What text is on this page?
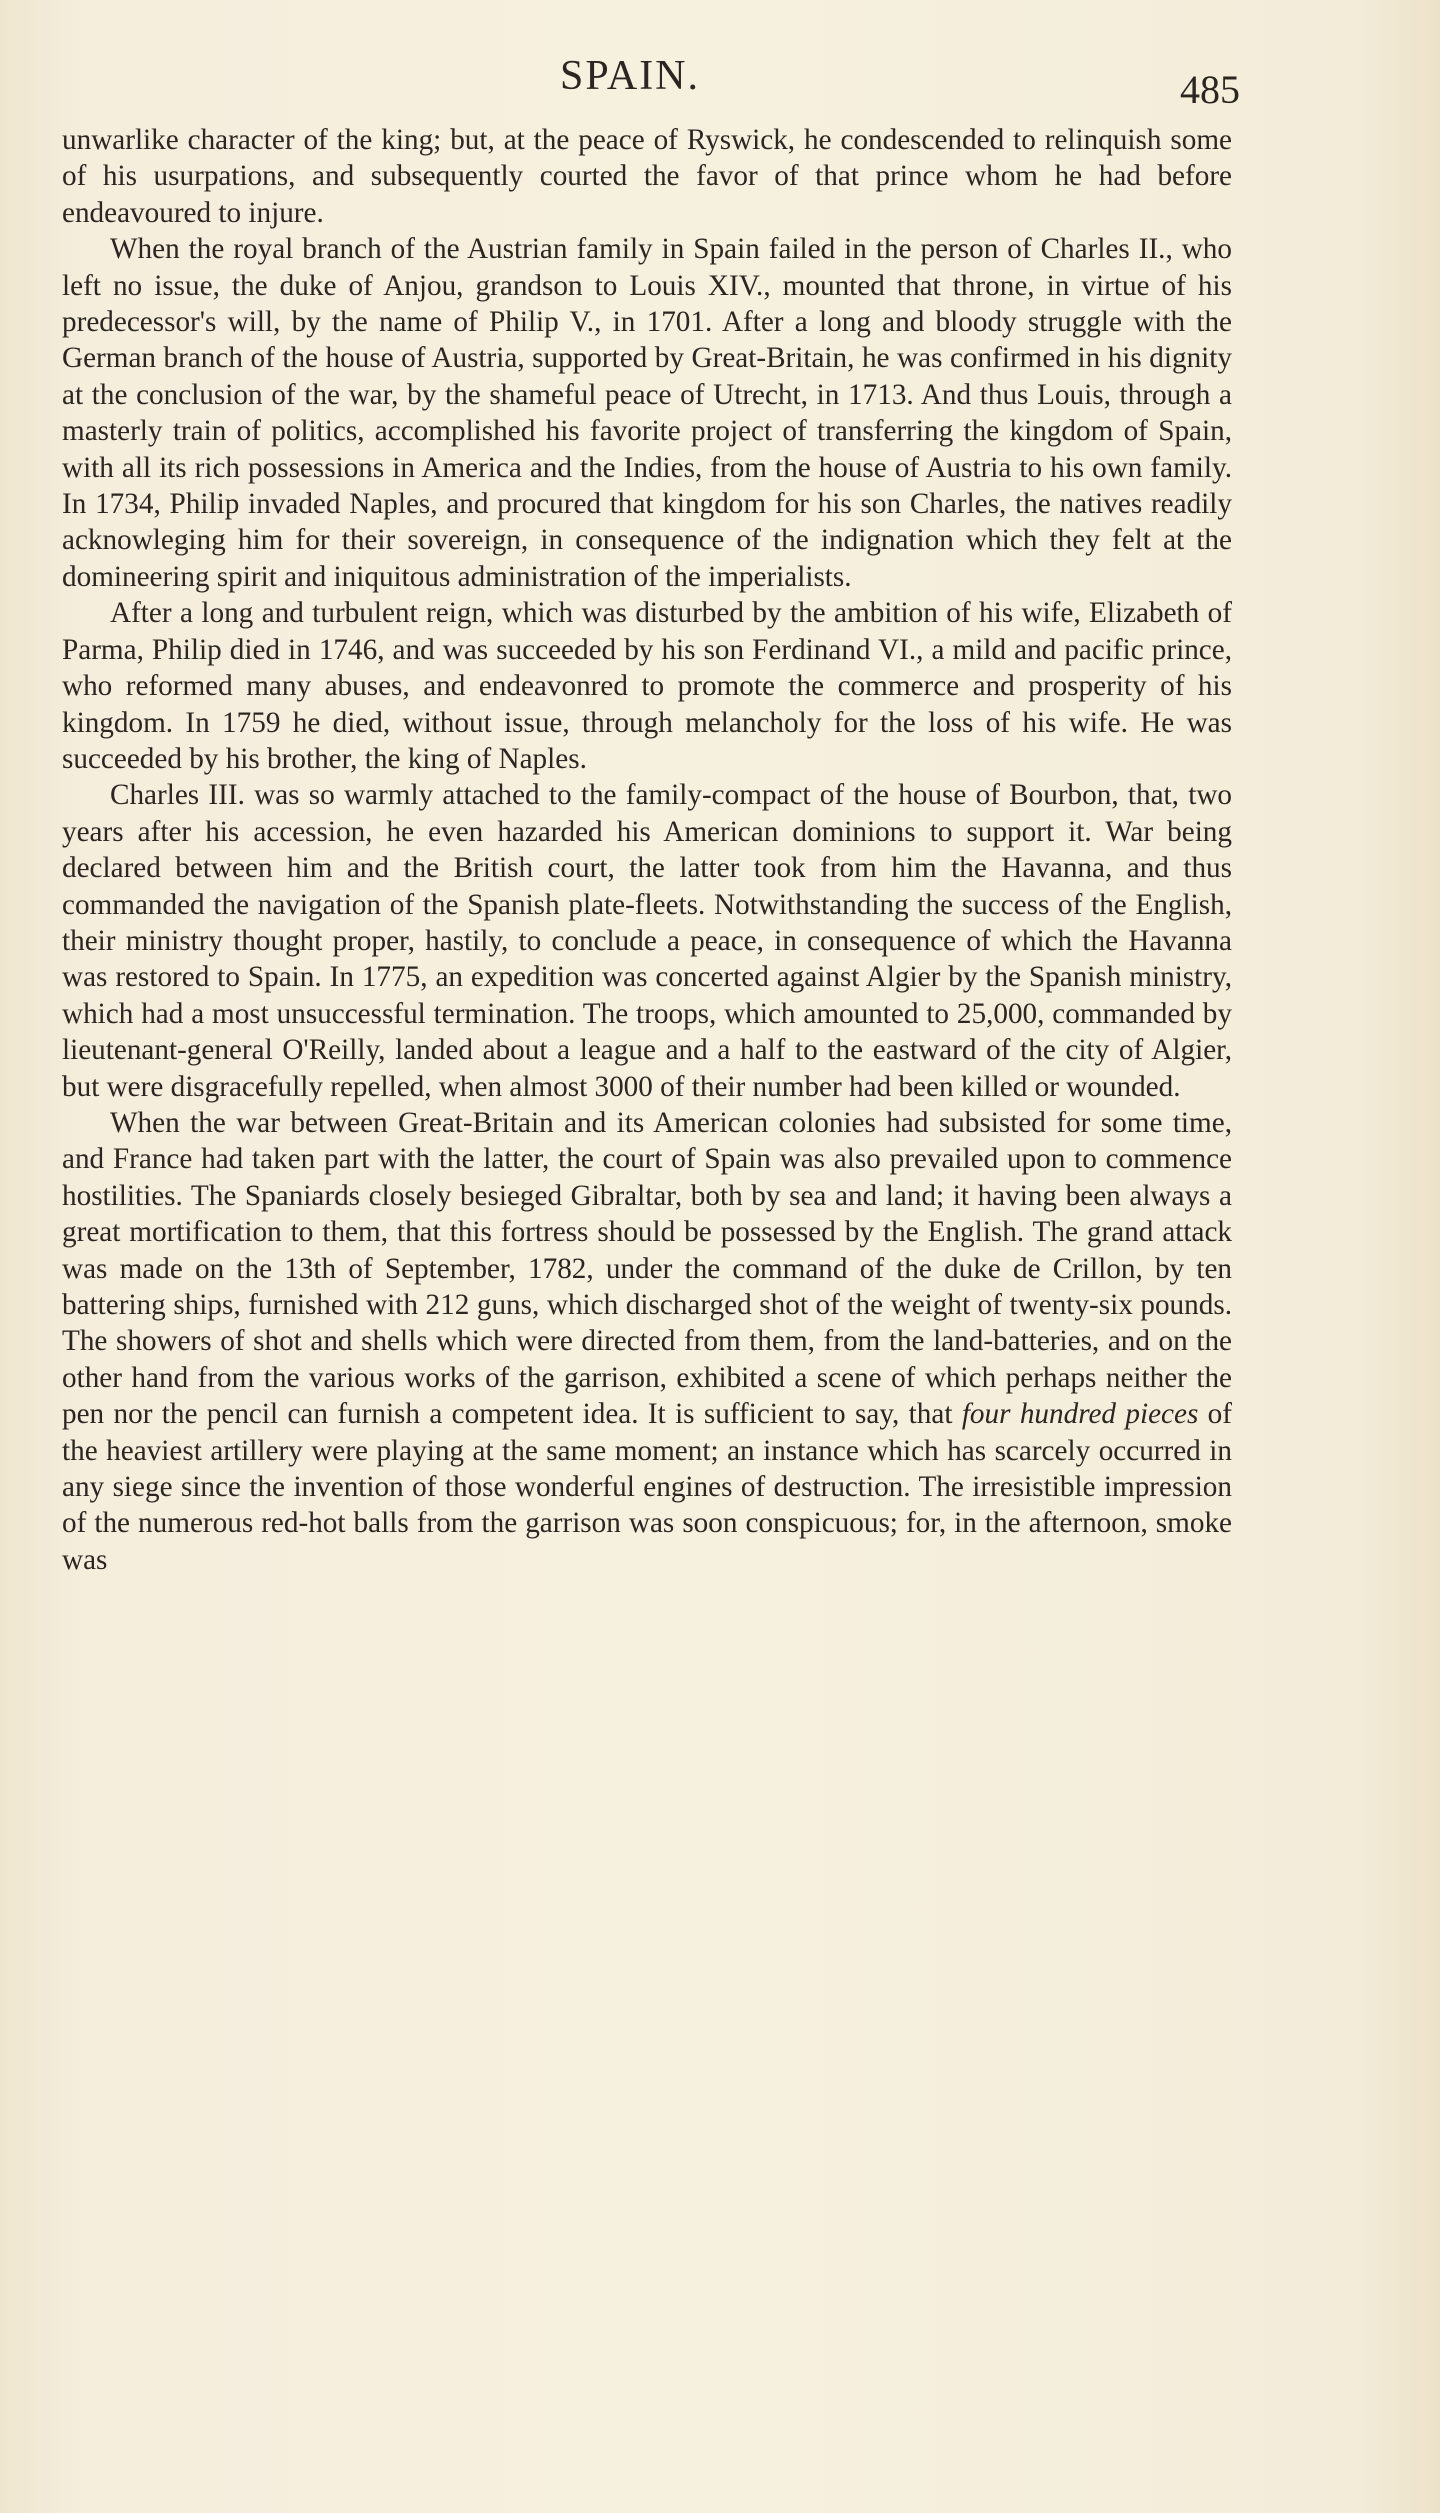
SPAIN.	485

unwarlike character of the king; but, at the peace of Ryswick, he condescended to relinquish some of his usurpations, and subsequently courted the favor of that prince whom he had before endeavoured to injure.

When the royal branch of the Austrian family in Spain failed in the person of Charles II., who left no issue, the duke of Anjou, grandson to Louis XIV., mounted that throne, in virtue of his predecessor's will, by the name of Philip V., in 1701. After a long and bloody struggle with the German branch of the house of Austria, supported by Great-Britain, he was confirmed in his dignity at the conclusion of the war, by the shameful peace of Utrecht, in 1713. And thus Louis, through a masterly train of politics, accomplished his favorite project of transferring the kingdom of Spain, with all its rich possessions in America and the Indies, from the house of Austria to his own family. In 1734, Philip invaded Naples, and procured that kingdom for his son Charles, the natives readily acknowleging him for their sovereign, in consequence of the indignation which they felt at the domineering spirit and iniquitous administration of the imperialists.

After a long and turbulent reign, which was disturbed by the ambition of his wife, Elizabeth of Parma, Philip died in 1746, and was succeeded by his son Ferdinand VI., a mild and pacific prince, who reformed many abuses, and endeavonred to promote the commerce and prosperity of his kingdom. In 1759 he died, without issue, through melancholy for the loss of his wife. He was succeeded by his brother, the king of Naples.

Charles III. was so warmly attached to the family-compact of the house of Bourbon, that, two years after his accession, he even hazarded his American dominions to support it. War being declared between him and the British court, the latter took from him the Havanna, and thus commanded the navigation of the Spanish plate-fleets. Notwithstanding the success of the English, their ministry thought proper, hastily, to conclude a peace, in consequence of which the Havanna was restored to Spain. In 1775, an expedition was concerted against Algier by the Spanish ministry, which had a most unsuccessful termination. The troops, which amounted to 25,000, commanded by lieutenant-general O'Reilly, landed about a league and a half to the eastward of the city of Algier, but were disgracefully repelled, when almost 3000 of their number had been killed or wounded.

When the war between Great-Britain and its American colonies had subsisted for some time, and France had taken part with the latter, the court of Spain was also prevailed upon to commence hostilities. The Spaniards closely besieged Gibraltar, both by sea and land; it having been always a great mortification to them, that this fortress should be possessed by the English. The grand attack was made on the 13th of September, 1782, under the command of the duke de Crillon, by ten battering ships, furnished with 212 guns, which discharged shot of the weight of twenty-six pounds. The showers of shot and shells which were directed from them, from the land-batteries, and on the other hand from the various works of the garrison, exhibited a scene of which perhaps neither the pen nor the pencil can furnish a competent idea. It is sufficient to say, that four hundred pieces of the heaviest artillery were playing at the same moment; an instance which has scarcely occurred in any siege since the invention of those wonderful engines of destruction. The irresistible impression of the numerous red-hot balls from the garrison was soon conspicuous; for, in the afternoon, smoke was
